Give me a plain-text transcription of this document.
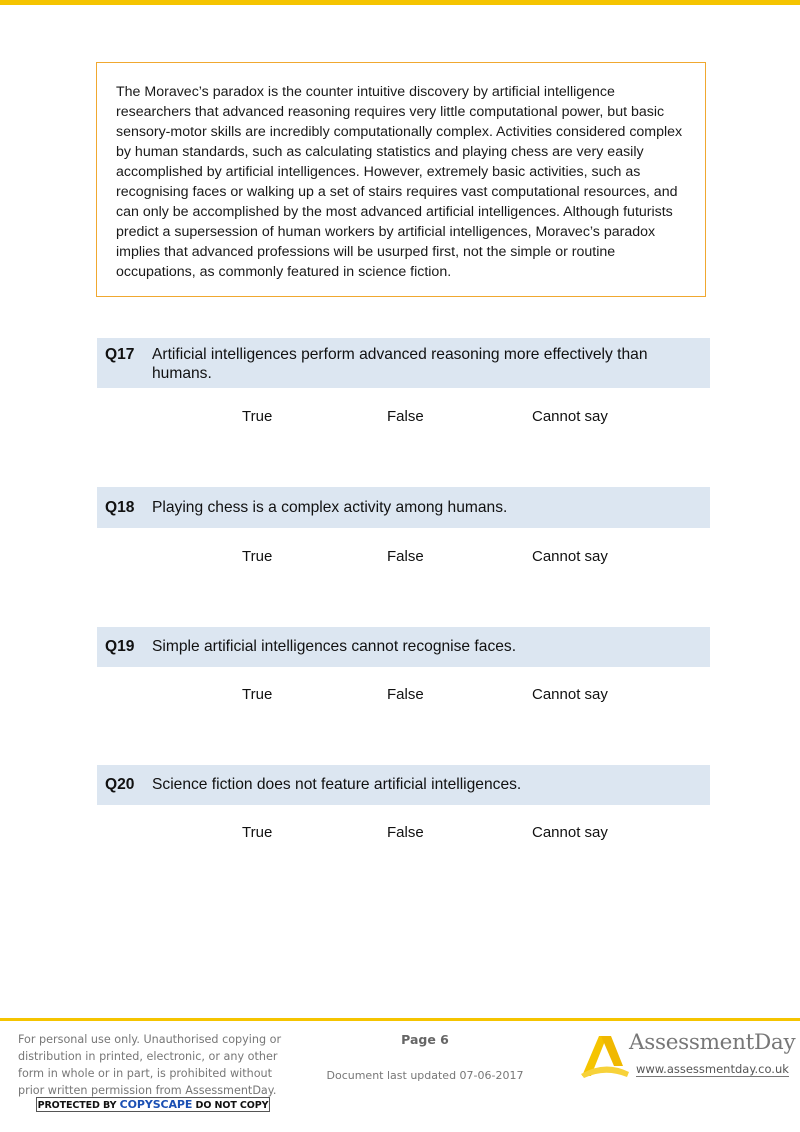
The Moravec’s paradox is the counter intuitive discovery by artificial intelligence researchers that advanced reasoning requires very little computational power, but basic sensory-motor skills are incredibly computationally complex. Activities considered complex by human standards, such as calculating statistics and playing chess are very easily accomplished by artificial intelligences. However, extremely basic activities, such as recognising faces or walking up a set of stairs requires vast computational resources, and can only be accomplished by the most advanced artificial intelligences. Although futurists predict a supersession of human workers by artificial intelligences, Moravec’s paradox implies that advanced professions will be usurped first, not the simple or routine occupations, as commonly featured in science fiction.

Q17	Artificial intelligences perform advanced reasoning more effectively than humans.
True	False	Cannot say
Q18	Playing chess is a complex activity among humans.
True	False	Cannot say
Q19	Simple artificial intelligences cannot recognise faces.
True	False	Cannot say
Q20	Science fiction does not feature artificial intelligences.
True	False	Cannot say
For personal use only. Unauthorised copying or distribution in printed, electronic, or any other form in whole or in part, is prohibited without prior written permission from AssessmentDay.
PROTECTED BY COPYSCAPE DO NOT COPY
Page 6
Document last updated 07-06-2017
AssessmentDay
www.assessmentday.co.uk
